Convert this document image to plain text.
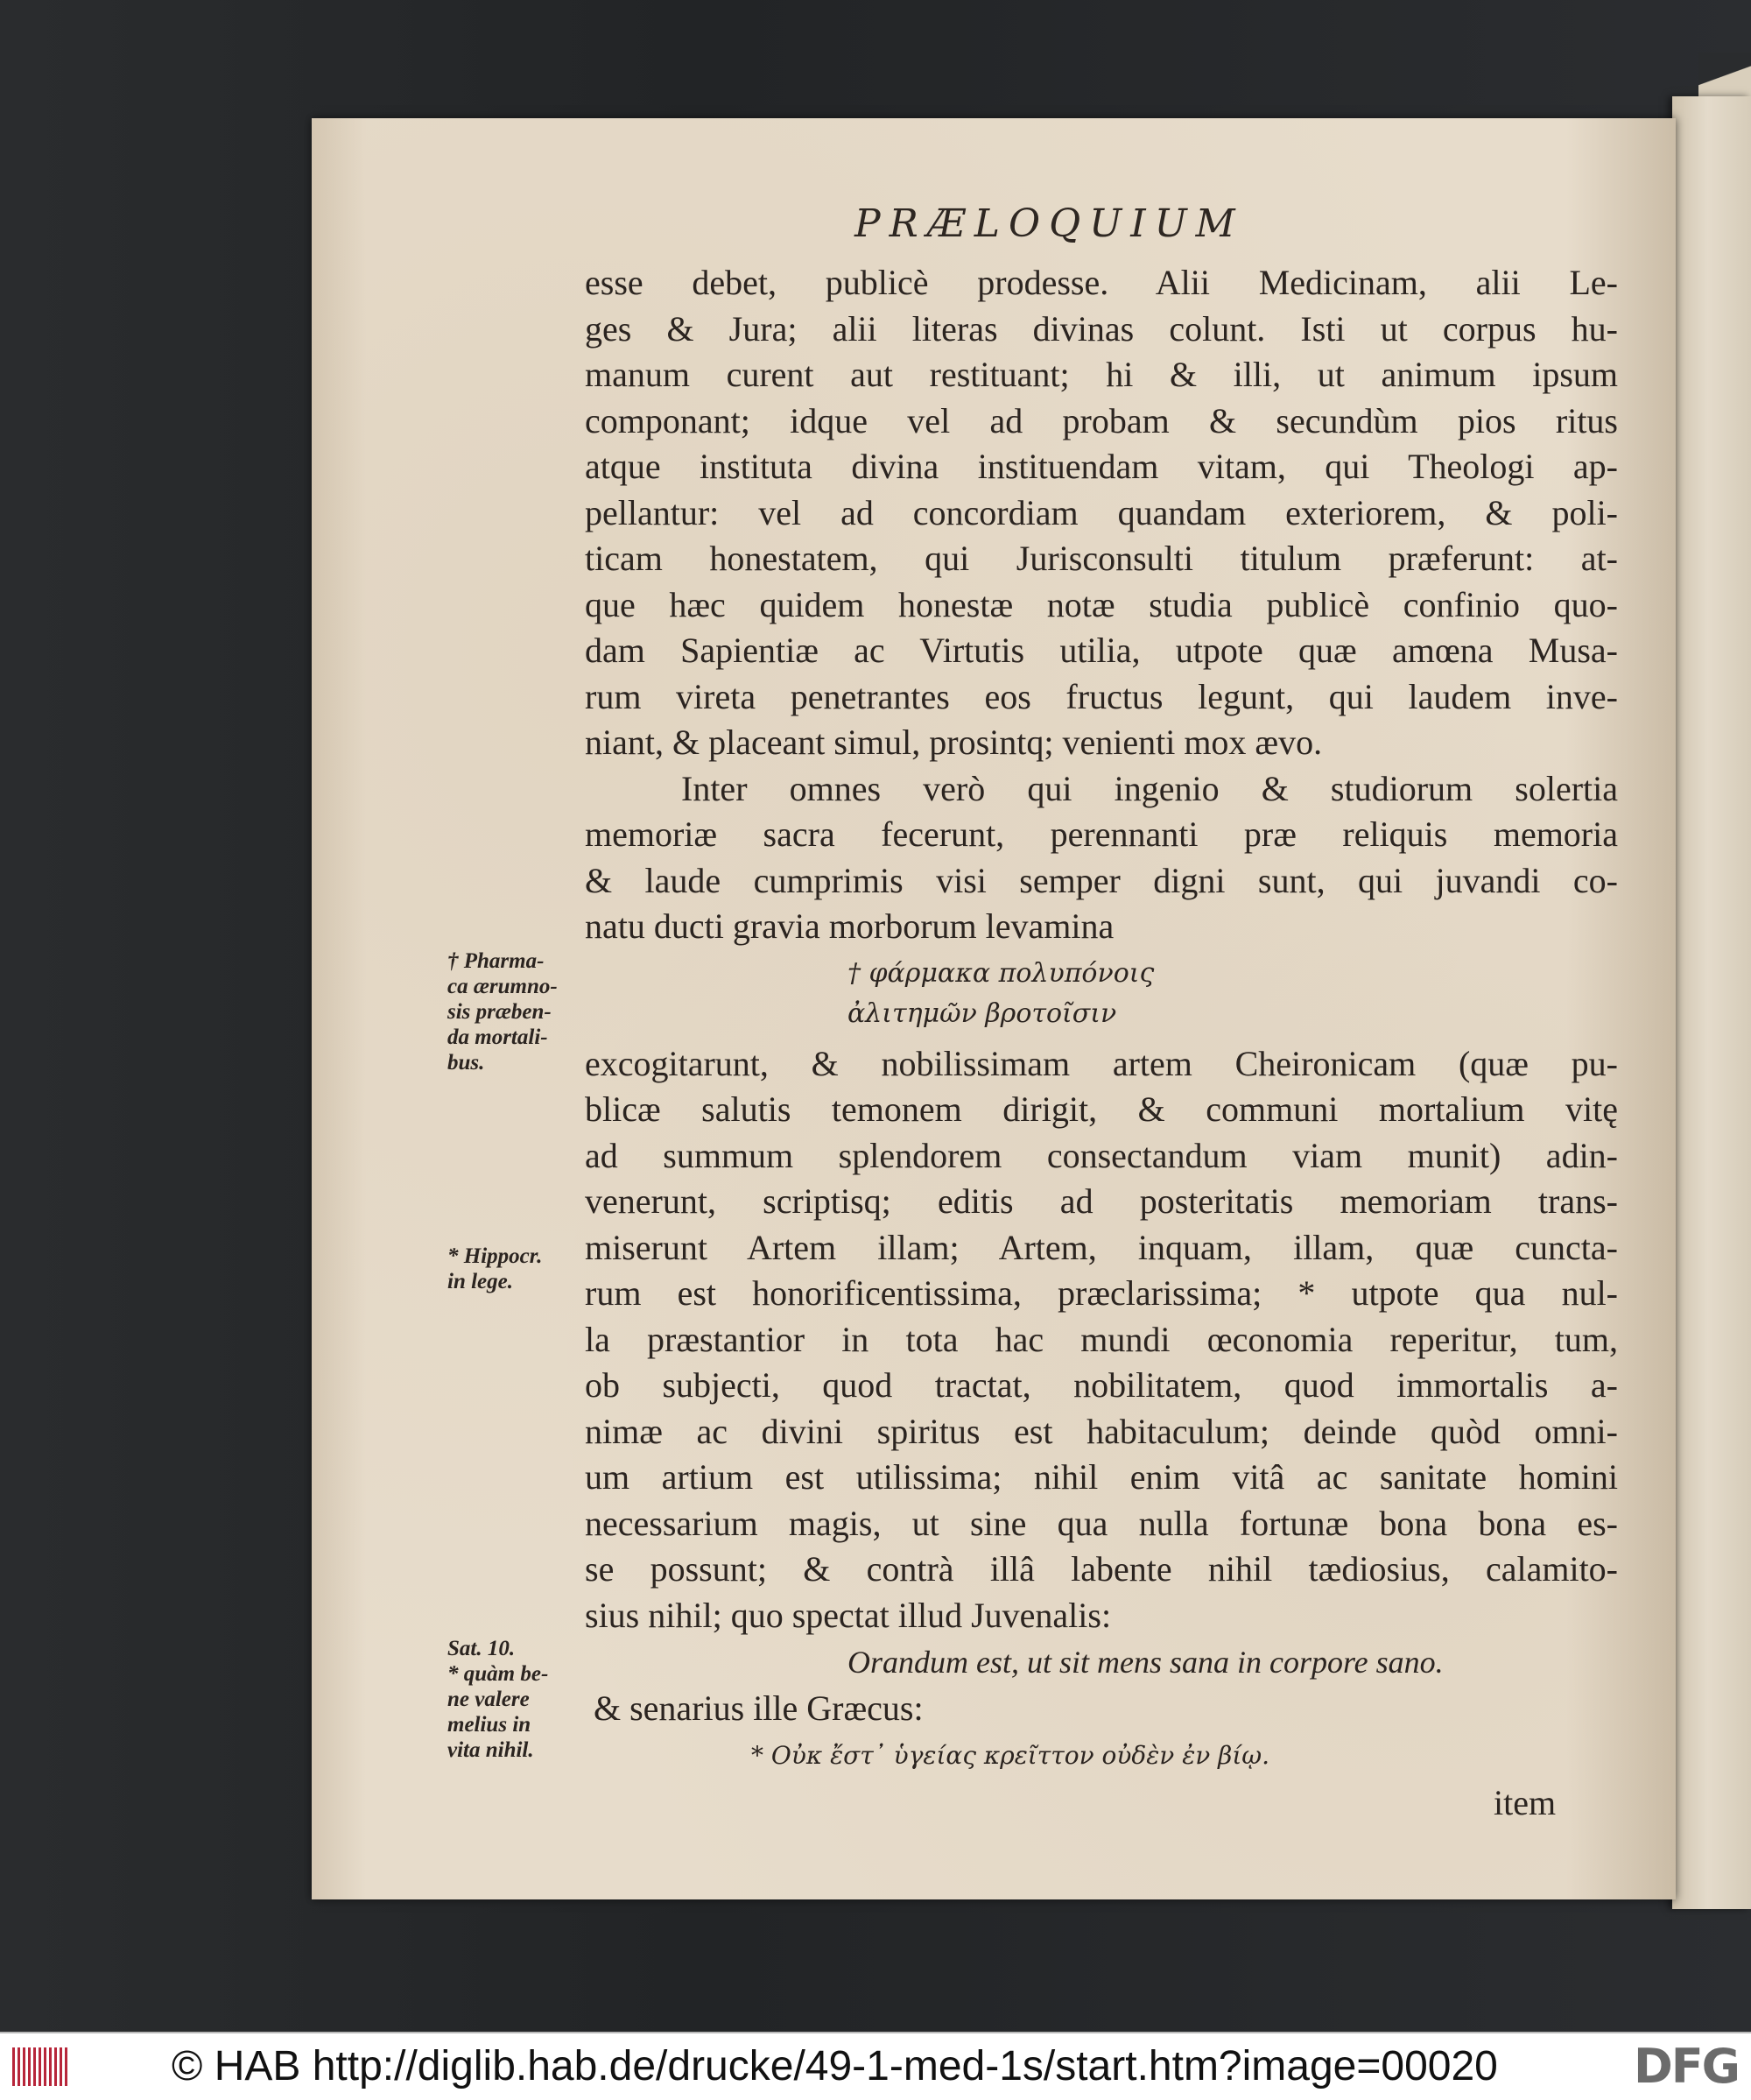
PRÆLOQUIUM
esse debet, publicè prodesse. Alii Medicinam, alii Le-
ges & Jura; alii literas divinas colunt. Isti ut corpus hu-
manum curent aut restituant; hi & illi, ut animum ipsum
componant; idque vel ad probam & secundùm pios ritus
atque instituta divina instituendam vitam, qui Theologi ap-
pellantur: vel ad concordiam quandam exteriorem, & poli-
ticam honestatem, qui Jurisconsulti titulum præferunt: at-
que hæc quidem honestæ notæ studia publicè confinio quo-
dam Sapientiæ ac Virtutis utilia, utpote quæ amœna Musa-
rum vireta penetrantes eos fructus legunt, qui laudem inve-
niant, & placeant simul, prosintq; venienti mox ævo.
Inter omnes verò qui ingenio & studiorum solertia
memoriæ sacra fecerunt, perennanti præ reliquis memoria
& laude cumprimis visi semper digni sunt, qui juvandi co-
natu ducti gravia morborum levamina
† φάρμακα πολυπόνοις
ἀλιτημῶν βροτοῖσιν
excogitarunt, & nobilissimam artem Cheironicam (quæ pu-
blicæ salutis temonem dirigit, & communi mortalium vitę
ad summum splendorem consectandum viam munit) adin-
venerunt, scriptisq; editis ad posteritatis memoriam trans-
miserunt Artem illam; Artem, inquam, illam, quæ cuncta-
rum est honorificentissima, præclarissima; * utpote qua nul-
la præstantior in tota hac mundi œconomia reperitur, tum,
ob subjecti, quod tractat, nobilitatem, quod immortalis a-
nimæ ac divini spiritus est habitaculum; deinde quòd omni-
um artium est utilissima; nihil enim vitâ ac sanitate homini
necessarium magis, ut sine qua nulla fortunæ bona bona es-
se possunt; & contrà illâ labente nihil tædiosius, calamito-
sius nihil; quo spectat illud Juvenalis:
Orandum est, ut sit mens sana in corpore sano.
& senarius ille Græcus:
* Οὐκ ἔστ᾽ ὑγείας κρεῖττον οὐδὲν ἐν βίῳ.
item
† Pharma-
ca ærumno-
sis præben-
da mortali-
bus.
* Hippocr.
in lege.
Sat. 10.
* quàm be-
ne valere
melius in
vita nihil.
© HAB http://diglib.hab.de/drucke/49-1-med-1s/start.htm?image=00020	DFG
